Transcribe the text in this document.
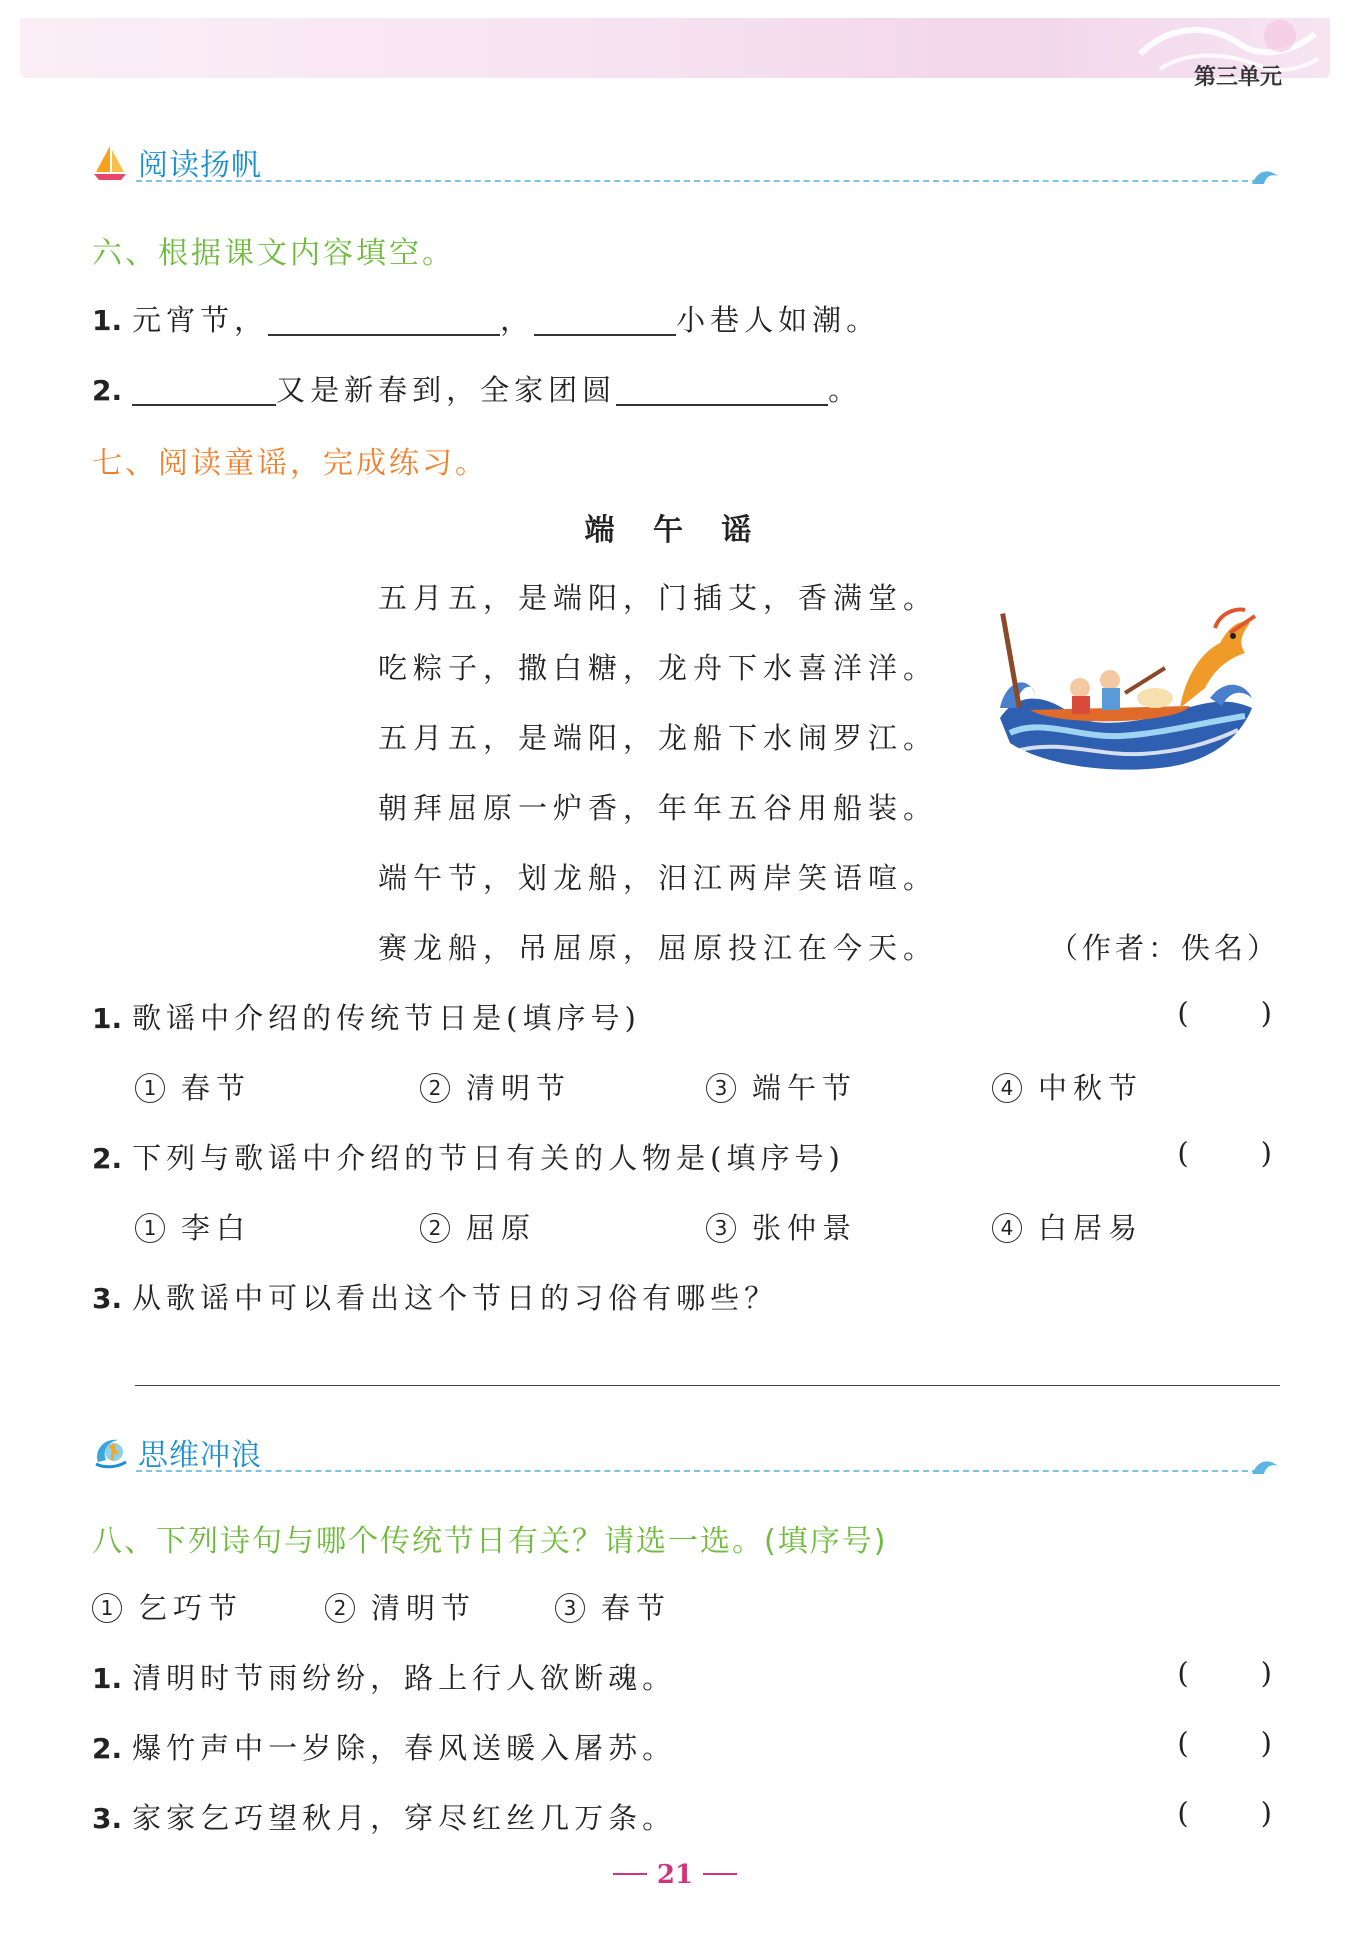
第三单元
阅读扬帆
六、根据课文内容填空。
1. 元宵节，	，	小巷人如潮。
2.	又是新春到，全家团圆	。
七、阅读童谣，完成练习。
端 午 谣
五月五，是端阳，门插艾，香满堂。
吃粽子，撒白糖，龙舟下水喜洋洋。
五月五，是端阳，龙船下水闹罗江。
朝拜屈原一炉香，年年五谷用船装。
端午节，划龙船，汨江两岸笑语喧。
赛龙船，吊屈原，屈原投江在今天。	（作者：佚名）
1. 歌谣中介绍的传统节日是(填序号)	( )
1 春节	2 清明节	3 端午节	4 中秋节
2. 下列与歌谣中介绍的节日有关的人物是(填序号)	( )
1 李白	2 屈原	3 张仲景	4 白居易
3. 从歌谣中可以看出这个节日的习俗有哪些？
思维冲浪
八、下列诗句与哪个传统节日有关？请选一选。(填序号)
1 乞巧节	2 清明节	3 春节
1. 清明时节雨纷纷，路上行人欲断魂。	( )
2. 爆竹声中一岁除，春风送暖入屠苏。	( )
3. 家家乞巧望秋月，穿尽红丝几万条。	( )
21
